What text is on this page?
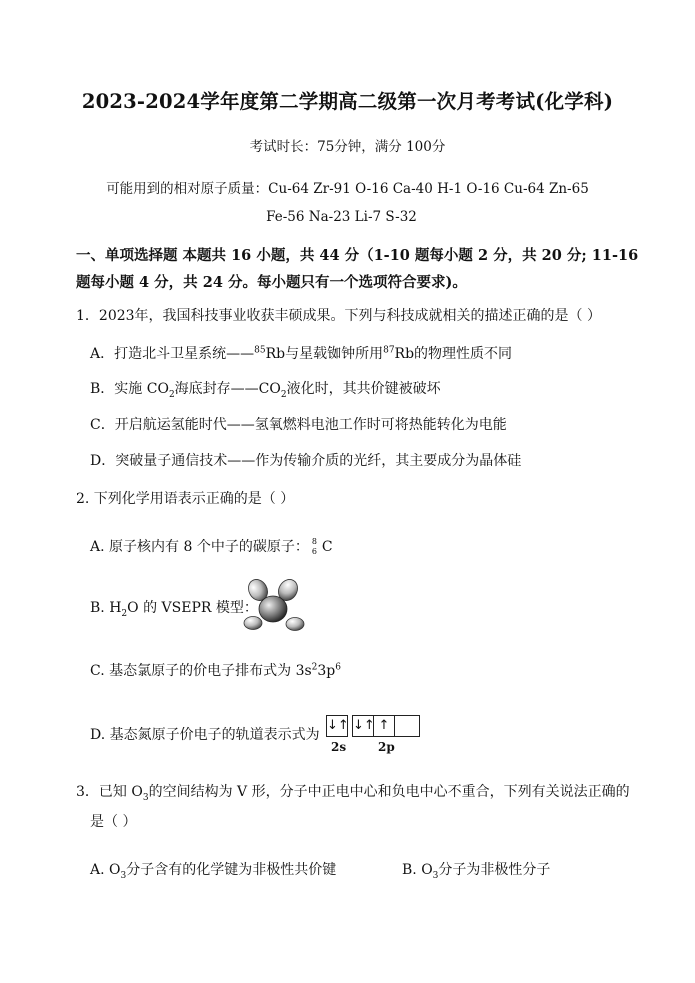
2023-2024学年度第二学期高二级第一次月考考试(化学科)
考试时长：75分钟，满分 100分
可能用到的相对原子质量：Cu-64 Zr-91 O-16 Ca-40 H-1 O-16 Cu-64 Zn-65
Fe-56 Na-23 Li-7 S-32
一、单项选择题 本题共 16 小题，共 44 分（1-10 题每小题 2 分，共 20 分; 11-16
题每小题 4 分，共 24 分。每小题只有一个选项符合要求)。
1．2023年，我国科技事业收获丰硕成果。下列与科技成就相关的描述正确的是（ ）
A．打造北斗卫星系统——$^{85}$Rb与星载铷钟所用$^{87}$Rb的物理性质不同
B．实施 $CO_2$海底封存$——CO_2$液化时，其共价键被破坏
C．开启航运氢能时代——氢氧燃料电池工作时可将热能转化为电能
D．突破量子通信技术——作为传输介质的光纤，其主要成分为晶体硅
2. 下列化学用语表示正确的是（ ）
A. 原子核内有 8 个中子的碳原子： 8
6 C
B. $H_2O$ 的 VSEPR 模型：
C. 基态氯原子的价电子排布式为 $3s^23p^6$
D. 基态氮原子价电子的轨道表示式为
↓↑ ↓↑ ↑
2s	2p
3．已知 $O_3$的空间结构为 V 形，分子中正电中心和负电中心不重合，下列有关说法正确的
是（ ）
A. $O_3$分子含有的化学键为非极性共价键	B. $O_3$分子为非极性分子
